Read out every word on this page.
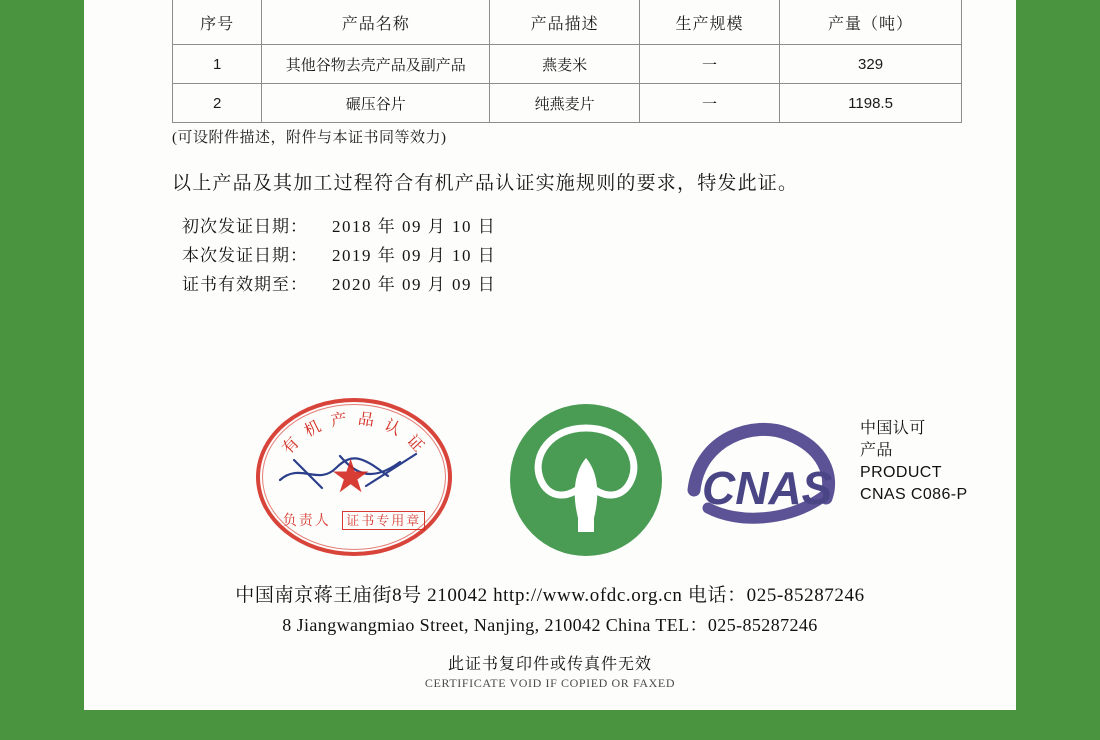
序号	产品名称	产品描述	生产规模	产量（吨）
1	其他谷物去壳产品及副产品	燕麦米	一	329
2	碾压谷片	纯燕麦片	一	1198.5
(可设附件描述，附件与本证书同等效力)
以上产品及其加工过程符合有机产品认证实施规则的要求，特发此证。
初次发证日期：	2018 年 09 月 10 日
本次发证日期：	2019 年 09 月 10 日
证书有效期至：	2020 年 09 月 09 日
有 机 产 品 认 证
★
负责人 证书专用章
CNAS
中国认可
产品
PRODUCT
CNAS C086-P
中国南京蒋王庙街8号 210042 http://www.ofdc.org.cn 电话：025-85287246
8 Jiangwangmiao Street, Nanjing, 210042 China TEL：025-85287246
此证书复印件或传真件无效
CERTIFICATE VOID IF COPIED OR FAXED
